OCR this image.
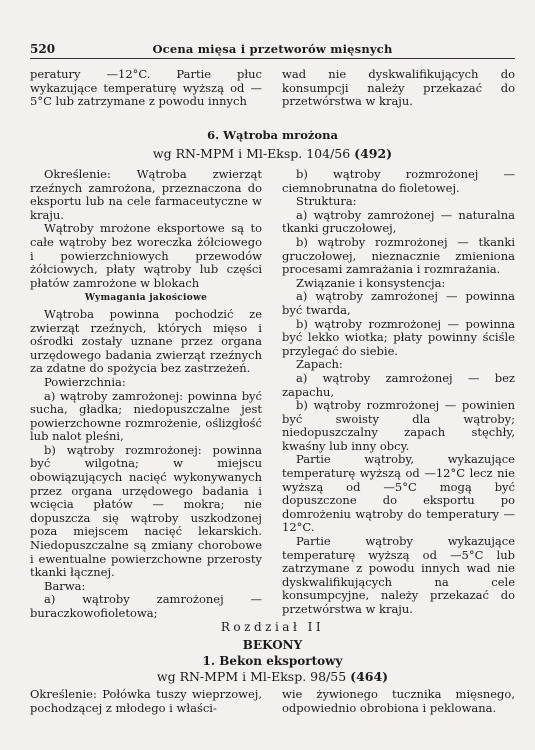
520	Ocena mięsa i przetworów mięsnych

peratury —12°C. Partie płuc wykazujące temperaturę wyższą od —5°C lub zatrzymane z powodu innych

wad nie dyskwalifikujących do konsumpcji należy przekazać do przetwórstwa w kraju.

6. Wątroba mrożona
wg RN-MPM i Ml-Eksp. 104/56 (492)

Określenie: Wątroba zwierząt rzeźnych zamrożona, przeznaczona do eksportu lub na cele farmaceutyczne w kraju.

Wątroby mrożone eksportowe są to całe wątroby bez woreczka żółciowego i powierzchniowych przewodów żółciowych, płaty wątroby lub części płatów zamrożone w blokach

Wymagania jakościowe

Wątroba powinna pochodzić ze zwierząt rzeźnych, których mięso i ośrodki zostały uznane przez organa urzędowego badania zwierząt rzeźnych za zdatne do spożycia bez zastrzeżeń.

Powierzchnia:

a) wątroby zamrożonej: powinna być sucha, gładka; niedopuszczalne jest powierzchowne rozmrożenie, oślizgłość lub nalot pleśni,

b) wątroby rozmrożonej: powinna być wilgotna; w miejscu obowiązujących nacięć wykonywanych przez organa urzędowego badania i wcięcia płatów — mokra; nie dopuszcza się wątroby uszkodzonej poza miejscem nacięć lekarskich. Niedopuszczalne są zmiany chorobowe i ewentualne powierzchowne przerosty tkanki łącznej.

Barwa:

a) wątroby zamrożonej — buraczkowofioletowa;

b) wątroby rozmrożonej — ciemnobrunatna do fioletowej.

Struktura:

a) wątroby zamrożonej — naturalna tkanki gruczołowej,

b) wątroby rozmrożonej — tkanki gruczołowej, nieznacznie zmienionа procesami zamrażania i rozmrażania.

Związanie i konsystencja:

a) wątroby zamrożonej — powinna być twarda,

b) wątroby rozmrożonej — powinna być lekko wiotka; płaty powinny ściśle przylegać do siebie.

Zapach:

a) wątroby zamrożonej — bez zapachu,

b) wątroby rozmrożonej — powinien być swoisty dla wątroby; niedopuszczalny zapach stęchły, kwaśny lub inny obcy.

Partie wątroby, wykazujące temperaturę wyższą od —12°C lecz nie wyższą od —5°C mogą być dopuszczone do eksportu po domrożeniu wątroby do temperatury — 12°C.

Partie wątroby wykazujące temperaturę wyższą od —5°C lub zatrzymane z powodu innych wad nie dyskwalifikujących na cele konsumpcyjne, należy przekazać do przetwórstwa w kraju.

Rozdział II
BEKONY
1. Bekon eksportowy
wg RN-MPM i Ml-Eksp. 98/55 (464)

Określenie: Połówka tuszy wieprzowej, pochodzącej z młodego i właści-

wie żywionego tucznika mięsnego, odpowiednio obrobiona i peklowana.
